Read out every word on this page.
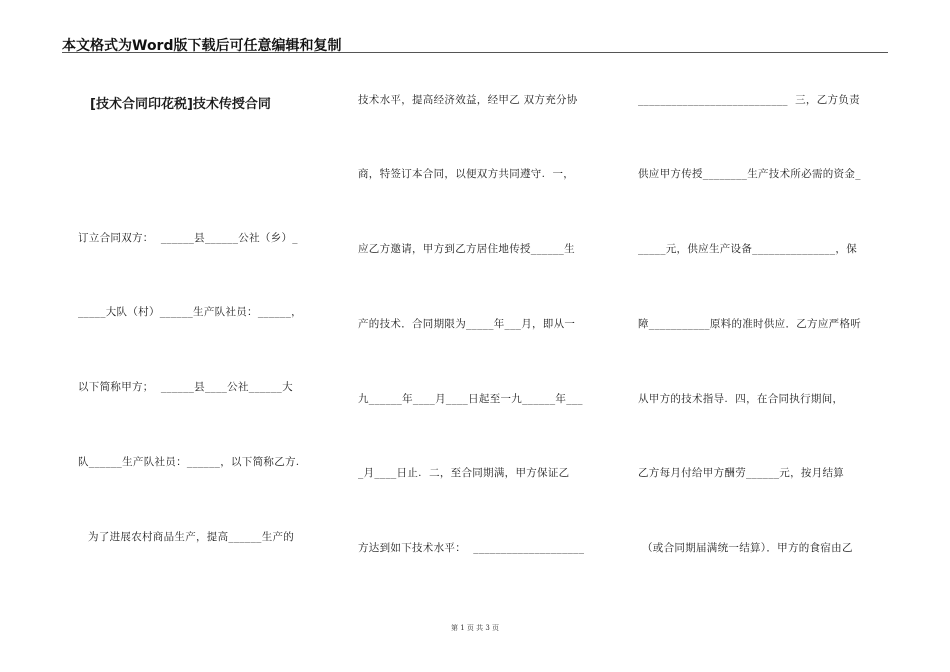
本文格式为Word版下载后可任意编辑和复制
[技术合同印花税]技术传授合同
订立合同双方：  ______县______公社（乡）_
_____大队（村）______生产队社员：______，
以下简称甲方；  ______县____公社______大
队______生产队社员：______，以下简称乙方.
为了进展农村商品生产，提高______生产的
技术水平，提高经济效益，经甲乙 双方充分协
商，特签订本合同，以便双方共同遵守.  一，
应乙方邀请，甲方到乙方居住地传授______生
产的技术．合同期限为_____年___月，即从一
九______年____月____日起至一九______年___
_月____日止.  二，至合同期满，甲方保证乙
方达到如下技术水平：  ____________________
___________________________  三，乙方负责
供应甲方传授________生产技术所必需的资金_
_____元，供应生产设备_______________，保
障___________原料的准时供应．乙方应严格听
从甲方的技术指导.  四，在合同执行期间，
乙方每月付给甲方酬劳______元，按月结算
（或合同期届满统一结算）．甲方的食宿由乙
第 1 页 共 3 页
